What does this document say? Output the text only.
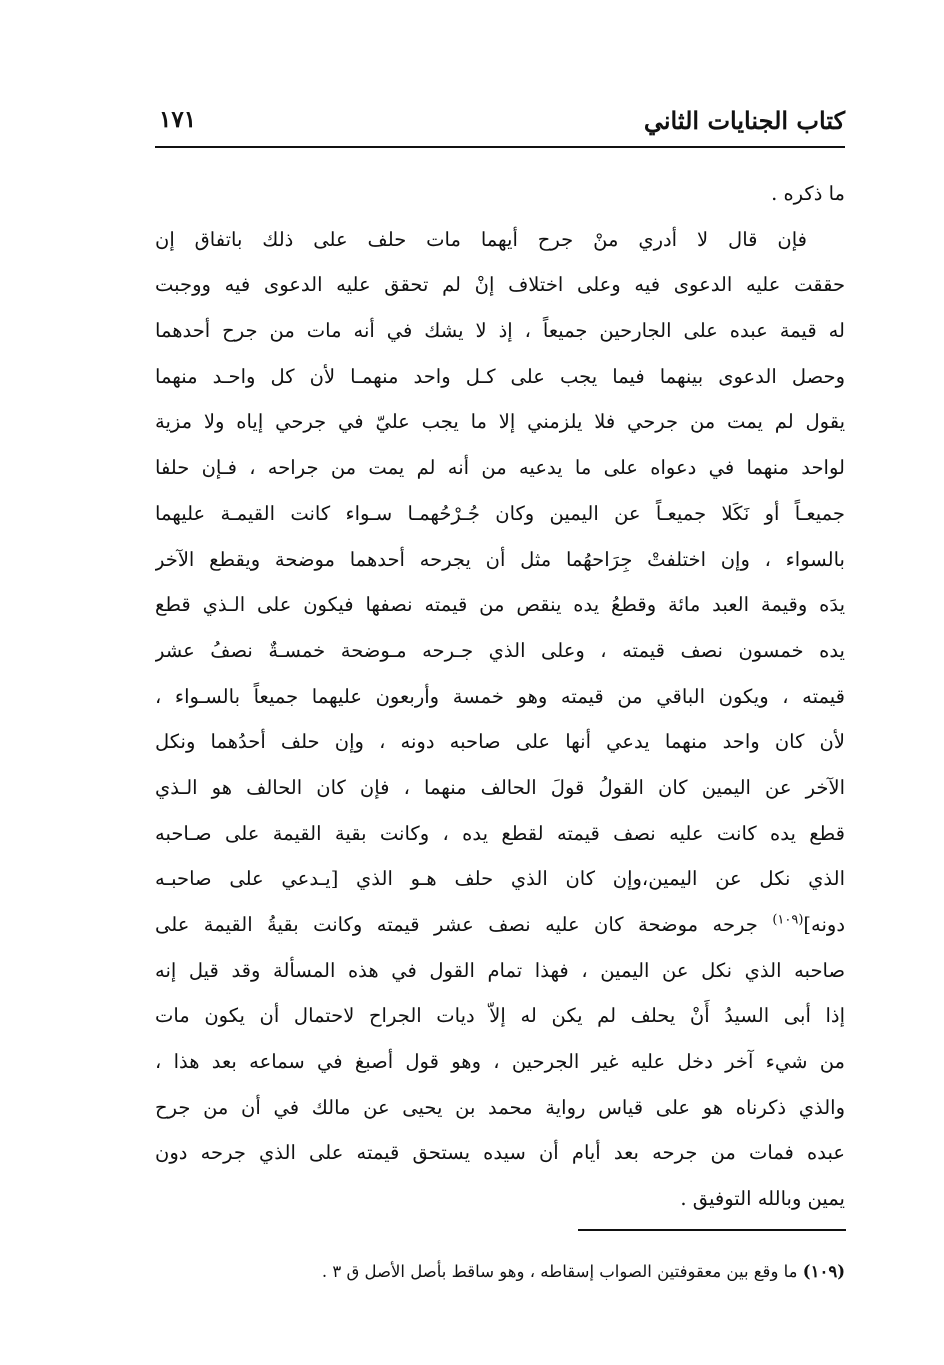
كتاب الجنايات الثاني
١٧١
ما ذكره .
فإن قال لا أدري منْ جرح أيهما مات حلف على ذلك باتفاق إن
حققت عليه الدعوى فيه وعلى اختلاف إنْ لم تحقق عليه الدعوى فيه ووجبت
له قيمة عبده على الجارحين جميعاً ، إذ لا يشك في أنه مات من جرح أحدهما
وحصل الدعوى بينهما فيما يجب على كـل واحد منهمـا لأن كل واحـد منهما
يقول لم يمت من جرحي فلا يلزمني إلا ما يجب عليّ في جرحي إياه ولا مزية
لواحد منهما في دعواه على ما يدعيه من أنه لم يمت من جراحه ، فـإن حلفا
جميعـاً أو نَكَلا جميعـاً عن اليمين وكان جُـرْحُهمـا سـواء كانت القيمـة عليهما
بالسواء ، وإن اختلفتْ جِرَاحهُما مثل أن يجرحه أحدهما موضحة ويقطع الآخر
يدَه وقيمة العبد مائة وقطعُ يده ينقص من قيمته نصفها فيكون على الـذي قطع
يده خمسون نصف قيمته ، وعلى الذي جـرحه مـوضحة خمسـةٌ نصفُ عشر
قيمته ، ويكون الباقي من قيمته وهو خمسة وأربعون عليهما جميعاً بالسـواء ،
لأن كان واحد منهما يدعي أنها على صاحبه دونه ، وإن حلف أحدُهما ونكل
الآخر عن اليمين كان القولُ قولَ الحالف منهما ، فإن كان الحالف هو الـذي
قطع يده كانت عليه نصف قيمته لقطع يده ، وكانت بقية القيمة على صـاحبه
الذي نكل عن اليمين،وإن كان الذي حلف هـو الذي [يـدعي على صاحبـه
دونه]$^{(١٠٩)}$ جرحه موضحة كان عليه نصف عشر قيمته وكانت بقيةُ القيمة على
صاحبه الذي نكل عن اليمين ، فهذا تمام القول في هذه المسألة وقد قيل إنه
إذا أبى السيدُ أَنْ يحلف لم يكن له إلاّ ديات الجراح لاحتمال أن يكون مات
من شيء آخر دخل عليه غير الجرحين ، وهو قول أصبغ في سماعه بعد هذا ،
والذي ذكرناه هو على قياس رواية محمد بن يحيى عن مالك في أن من جرح
عبده فمات من جرحه بعد أيام أن سيده يستحق قيمته على الذي جرحه دون
يمين وبالله التوفيق .
(١٠٩) ما وقع بين معقوفتين الصواب إسقاطه ، وهو ساقط بأصل الأصل ق ٣ .
